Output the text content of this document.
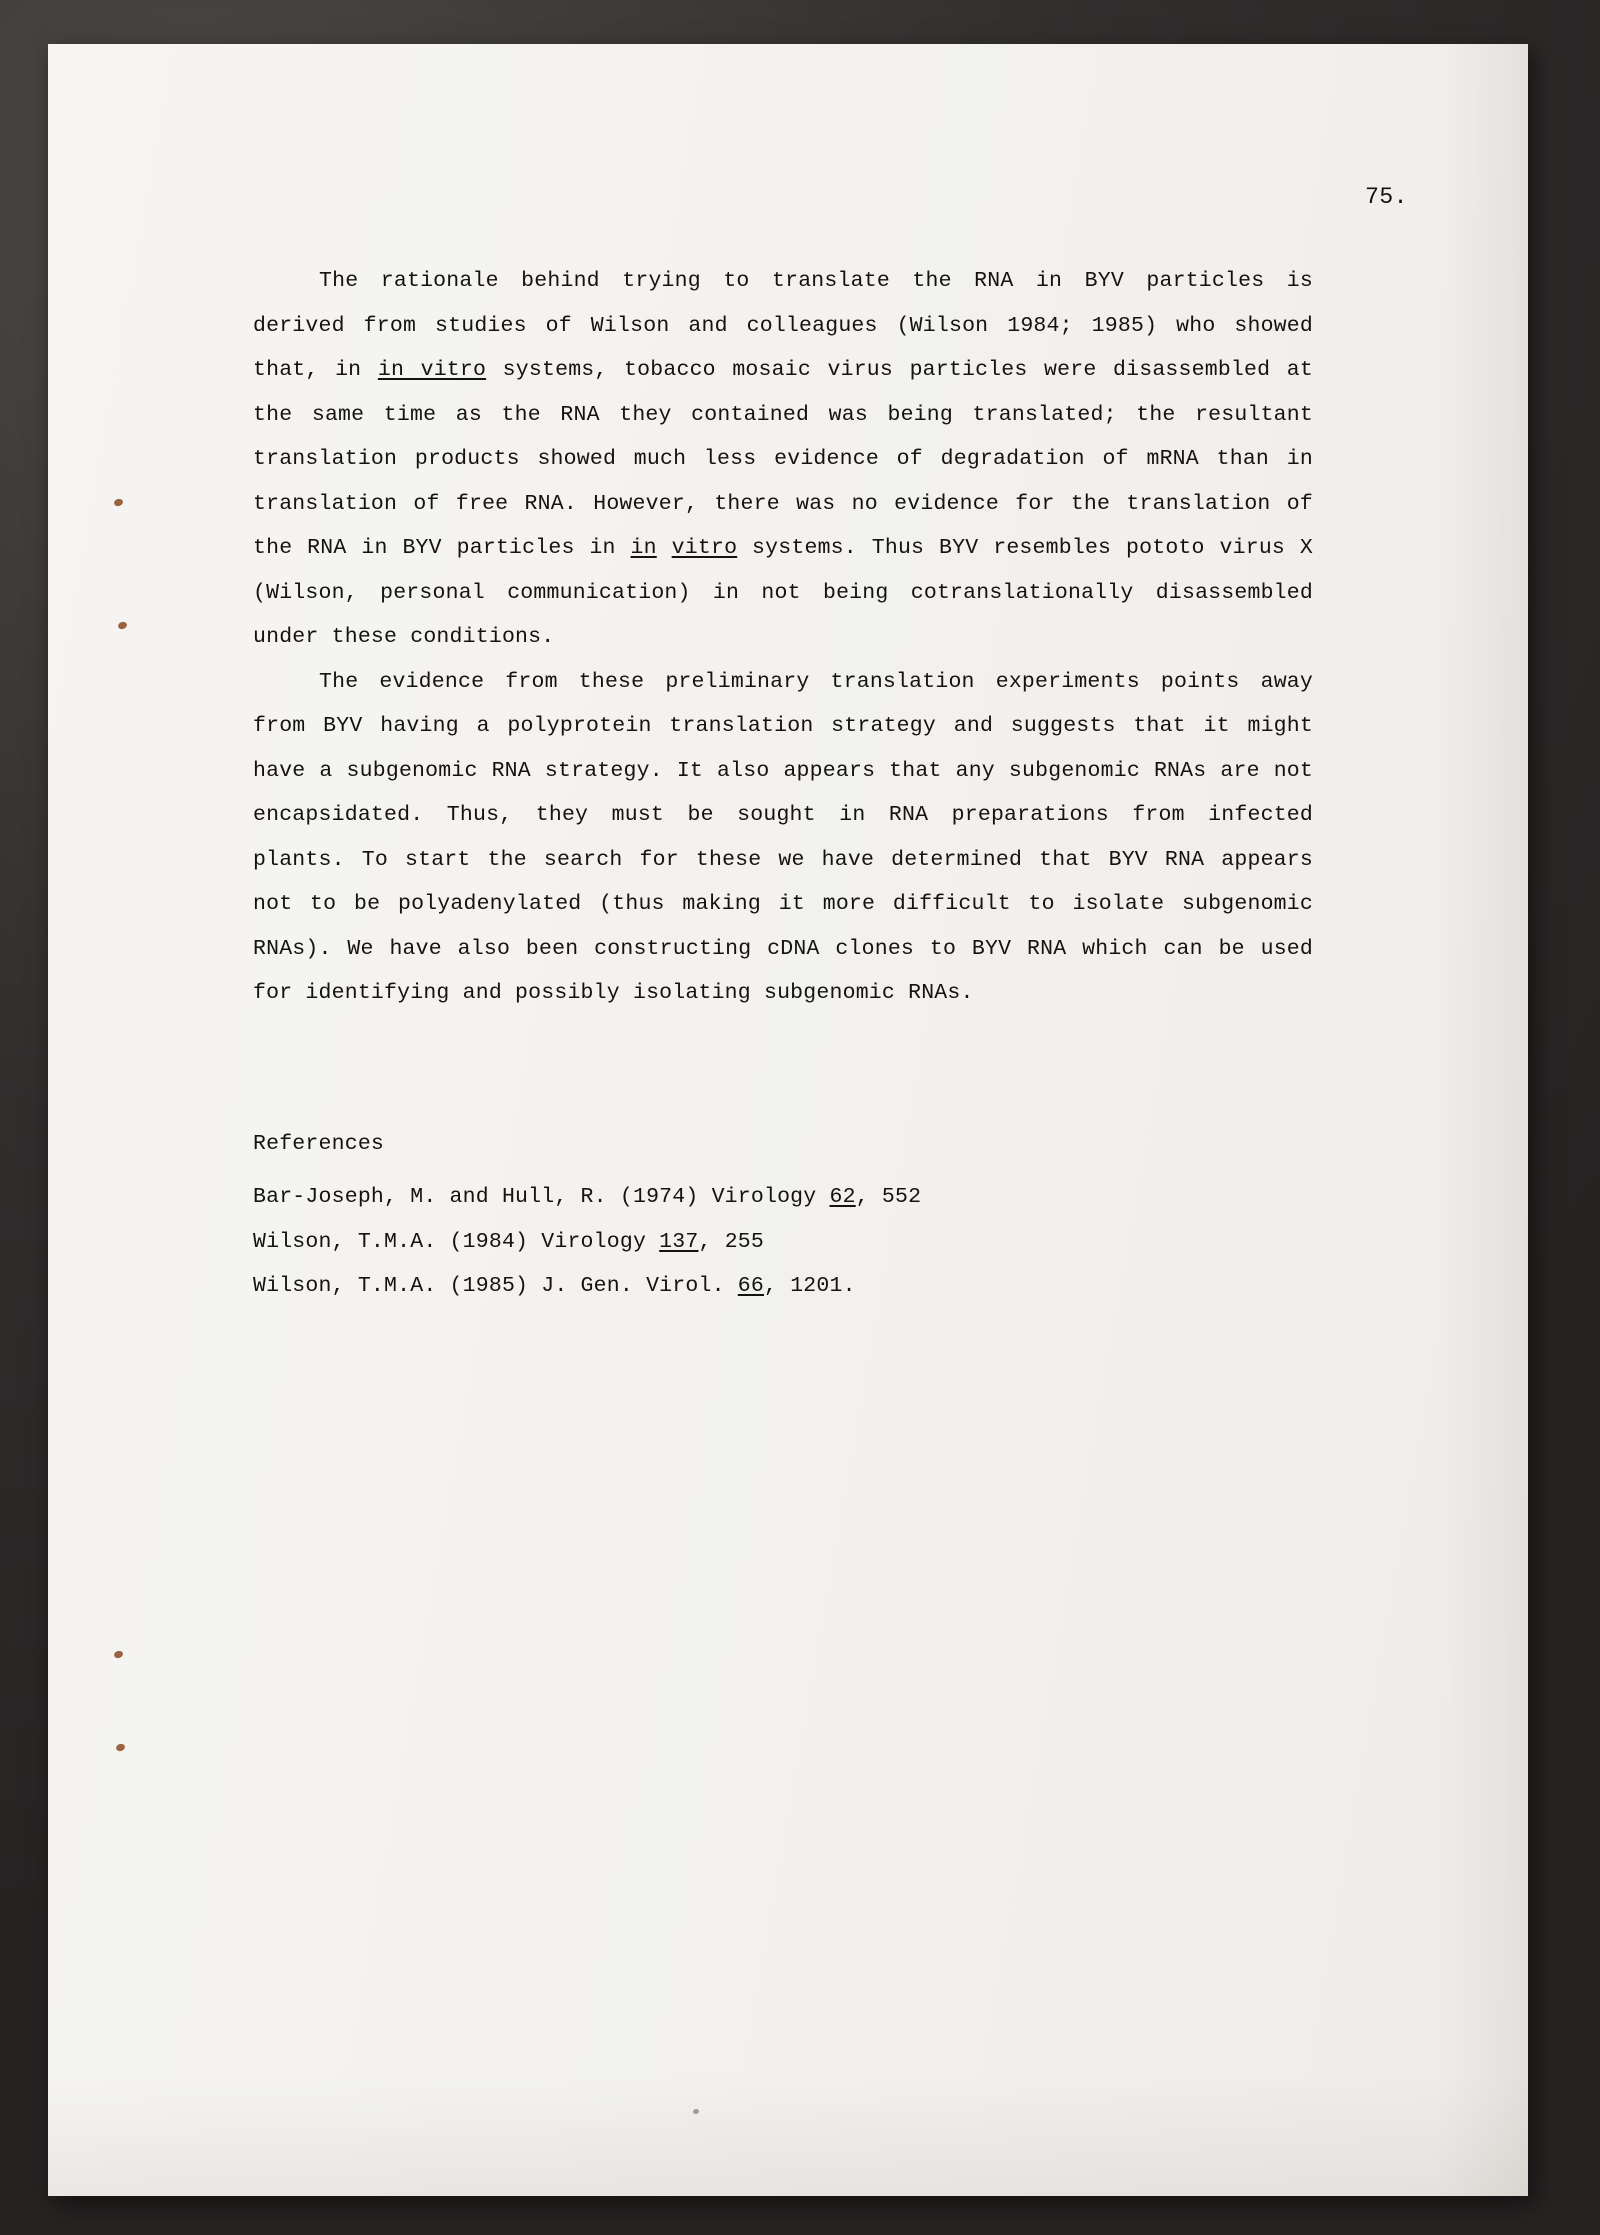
75.

The rationale behind trying to translate the RNA in BYV particles is derived from studies of Wilson and colleagues (Wilson 1984; 1985) who showed that, in in vitro systems, tobacco mosaic virus particles were disassembled at the same time as the RNA they contained was being translated; the resultant translation products showed much less evidence of degradation of mRNA than in translation of free RNA. However, there was no evidence for the translation of the RNA in BYV particles in in vitro systems. Thus BYV resembles pototo virus X (Wilson, personal communication) in not being cotranslationally disassembled under these conditions.

The evidence from these preliminary translation experiments points away from BYV having a polyprotein translation strategy and suggests that it might have a subgenomic RNA strategy. It also appears that any subgenomic RNAs are not encapsidated. Thus, they must be sought in RNA preparations from infected plants. To start the search for these we have determined that BYV RNA appears not to be polyadenylated (thus making it more difficult to isolate subgenomic RNAs). We have also been constructing cDNA clones to BYV RNA which can be used for identifying and possibly isolating subgenomic RNAs.

References
Bar-Joseph, M. and Hull, R. (1974) Virology 62, 552
Wilson, T.M.A. (1984) Virology 137, 255
Wilson, T.M.A. (1985) J. Gen. Virol. 66, 1201.
